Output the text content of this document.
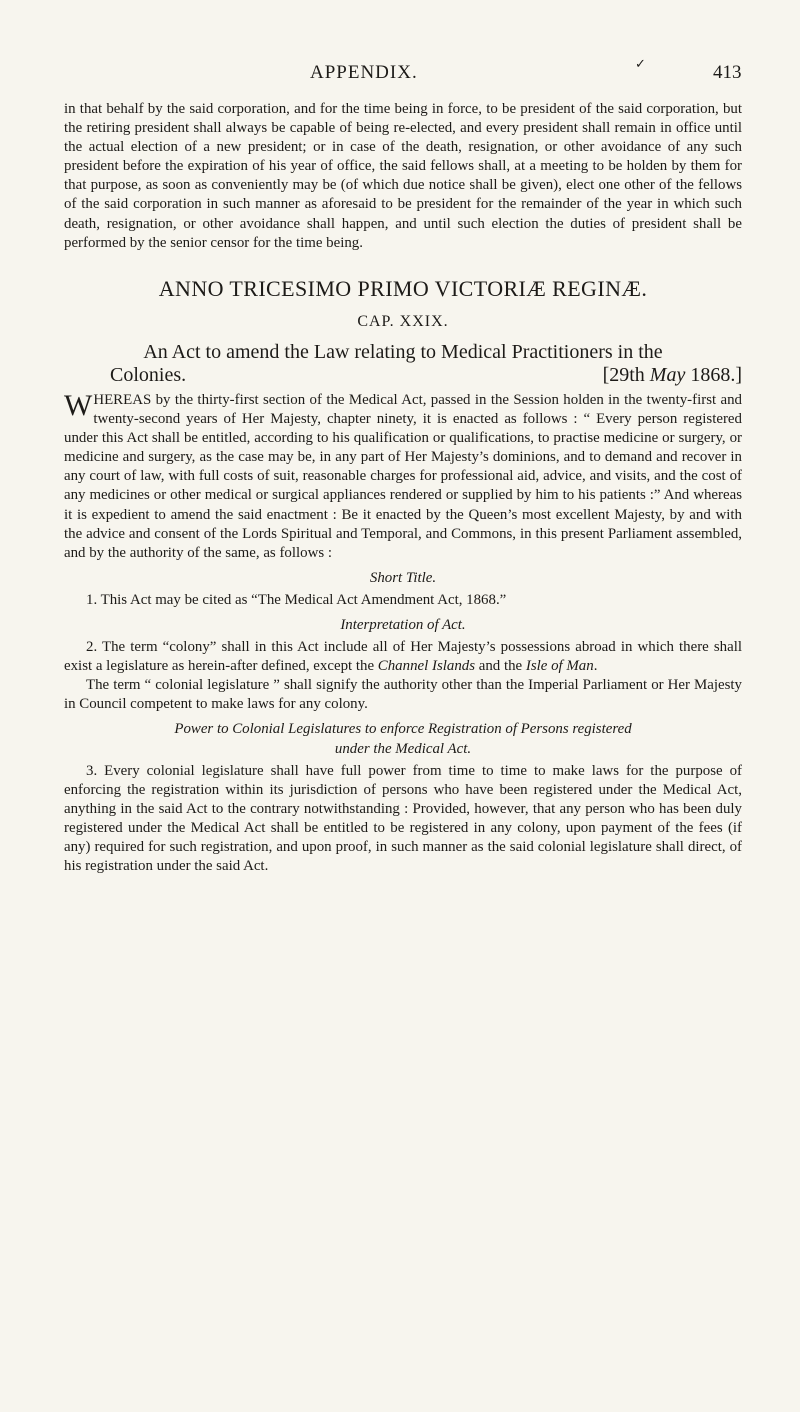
APPENDIX.	✓	413

in that behalf by the said corporation, and for the time being in force, to be president of the said corporation, but the retiring president shall always be capable of being re-elected, and every president shall remain in office until the actual election of a new president; or in case of the death, resignation, or other avoidance of any such president before the expiration of his year of office, the said fellows shall, at a meeting to be holden by them for that purpose, as soon as conveniently may be (of which due notice shall be given), elect one other of the fellows of the said corporation in such manner as aforesaid to be president for the remainder of the year in which such death, resignation, or other avoidance shall happen, and until such election the duties of president shall be performed by the senior censor for the time being.

ANNO TRICESIMO PRIMO VICTORIÆ REGINÆ.
CAP. XXIX.
An Act to amend the Law relating to Medical Practitioners in the
Colonies.	[29th May 1868.]

WHEREAS by the thirty-first section of the Medical Act, passed in the Session holden in the twenty-first and twenty-second years of Her Majesty, chapter ninety, it is enacted as follows : “ Every person registered under this Act shall be entitled, according to his qualification or qualifications, to practise medicine or surgery, or medicine and surgery, as the case may be, in any part of Her Majesty’s dominions, and to demand and recover in any court of law, with full costs of suit, reasonable charges for professional aid, advice, and visits, and the cost of any medicines or other medical or surgical appliances rendered or supplied by him to his patients :” And whereas it is expedient to amend the said enactment : Be it enacted by the Queen’s most excellent Majesty, by and with the advice and consent of the Lords Spiritual and Temporal, and Commons, in this present Parliament assembled, and by the authority of the same, as follows :

Short Title.

1. This Act may be cited as “The Medical Act Amendment Act, 1868.”

Interpretation of Act.

2. The term “colony” shall in this Act include all of Her Majesty’s possessions abroad in which there shall exist a legislature as herein-after defined, except the Channel Islands and the Isle of Man.

The term “ colonial legislature ” shall signify the authority other than the Imperial Parliament or Her Majesty in Council competent to make laws for any colony.

Power to Colonial Legislatures to enforce Registration of Persons registered
under the Medical Act.

3. Every colonial legislature shall have full power from time to time to make laws for the purpose of enforcing the registration within its jurisdiction of persons who have been registered under the Medical Act, anything in the said Act to the contrary notwithstanding : Provided, however, that any person who has been duly registered under the Medical Act shall be entitled to be registered in any colony, upon payment of the fees (if any) required for such registration, and upon proof, in such manner as the said colonial legislature shall direct, of his registration under the said Act.
